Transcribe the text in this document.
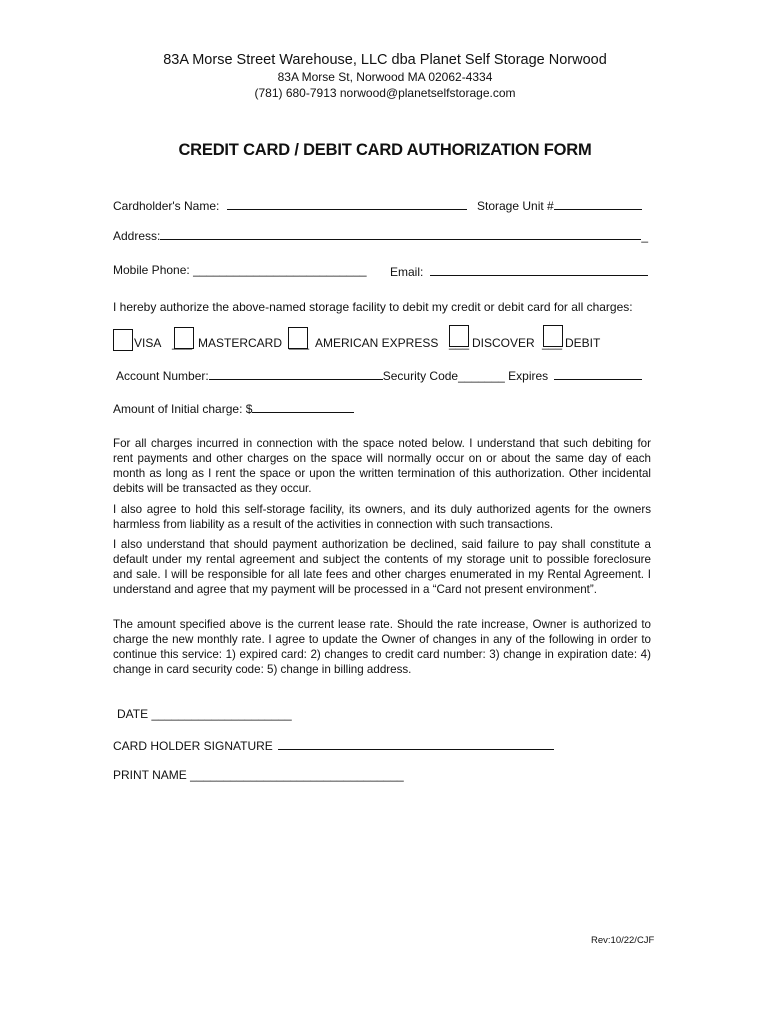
83A Morse Street Warehouse, LLC dba Planet Self Storage Norwood
83A Morse St, Norwood MA 02062-4334
(781) 680-7913 norwood@planetselfstorage.com
CREDIT CARD / DEBIT CARD AUTHORIZATION FORM
Cardholder's Name:	Storage Unit #
Address:	_
Mobile Phone: __________________________ Email:
I hereby authorize the above-named storage facility to debit my credit or debit card for all charges:
VISA ___ MASTERCARD ___ AMERICAN EXPRESS ___ DISCOVER ___ DEBIT
Account Number:	Security Code_______ Expires
Amount of Initial charge: $
For all charges incurred in connection with the space noted below. I understand that such debiting for rent payments and other charges on the space will normally occur on or about the same day of each month as long as I rent the space or upon the written termination of this authorization. Other incidental debits will be transacted as they occur.
I also agree to hold this self-storage facility, its owners, and its duly authorized agents for the owners harmless from liability as a result of the activities in connection with such transactions.
I also understand that should payment authorization be declined, said failure to pay shall constitute a default under my rental agreement and subject the contents of my storage unit to possible foreclosure and sale. I will be responsible for all late fees and other charges enumerated in my Rental Agreement. I understand and agree that my payment will be processed in a “Card not present environment”.
The amount specified above is the current lease rate. Should the rate increase, Owner is authorized to charge the new monthly rate. I agree to update the Owner of changes in any of the following in order to continue this service: 1) expired card: 2) changes to credit card number: 3) change in expiration date: 4) change in card security code: 5) change in billing address.
DATE _____________________
CARD HOLDER SIGNATURE
PRINT NAME ________________________________
Rev:10/22/CJF
